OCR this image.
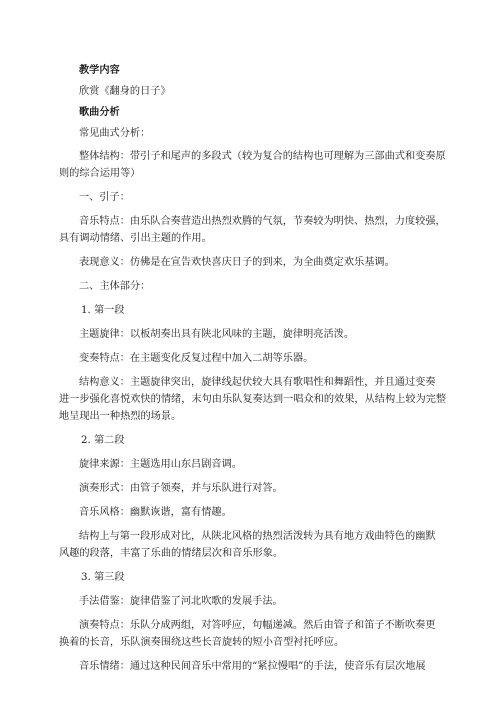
教学内容

欣赏《翻身的日子》

歌曲分析

常见曲式分析：

整体结构：带引子和尾声的多段式（较为复合的结构也可理解为三部曲式和变奏原

则的综合运用等）

一、引子：

音乐特点：由乐队合奏营造出热烈欢腾的气氛，节奏较为明快、热烈，力度较强，

具有调动情绪、引出主题的作用。

表现意义：仿佛是在宣告欢快喜庆日子的到来，为全曲奠定欢乐基调。

二、主体部分：

1. 第一段

主题旋律：以板胡奏出具有陕北风味的主题，旋律明亮活泼。

变奏特点：在主题变化反复过程中加入二胡等乐器。

结构意义：主题旋律突出，旋律线起伏较大具有歌唱性和舞蹈性，并且通过变奏

进一步强化喜悦欢快的情绪，末句由乐队复奏达到一唱众和的效果，从结构上较为完整

地呈现出一种热烈的场景。

2. 第二段

旋律来源：主题选用山东吕剧音调。

演奏形式：由管子领奏，并与乐队进行对答。

音乐风格：幽默诙谐，富有情趣。

结构上与第一段形成对比，从陕北风格的热烈活泼转为具有地方戏曲特色的幽默

风趣的段落，丰富了乐曲的情绪层次和音乐形象。

3. 第三段

手法借鉴：旋律借鉴了河北吹歌的发展手法。

演奏特点：乐队分成两组，对答呼应，句幅递减。然后由管子和笛子不断吹奏更

换着的长音，乐队演奏围绕这些长音旋转的短小音型衬托呼应。

音乐情绪：通过这种民间音乐中常用的“紧拉慢唱”的手法，使音乐有层次地展
